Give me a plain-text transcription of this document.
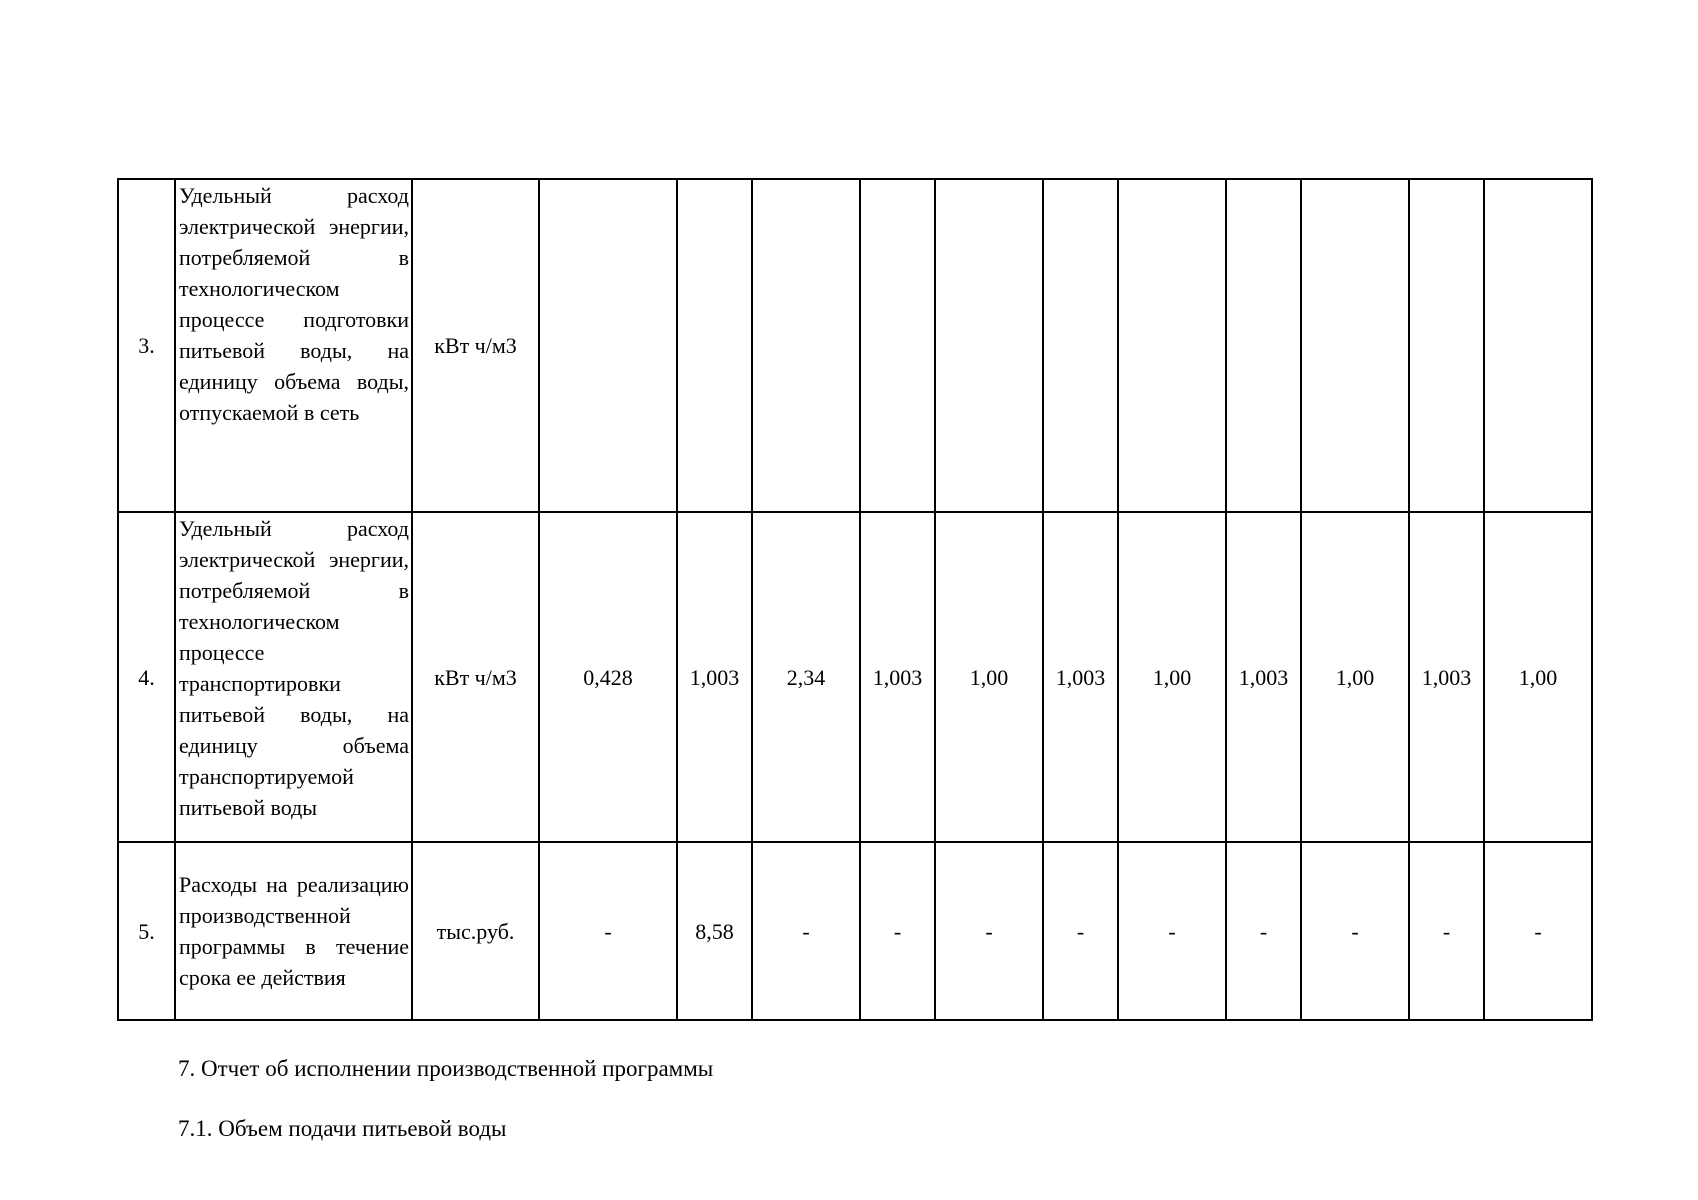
3.	Удельный расход электрической энергии, потребляемой в технологическом процессе подготовки питьевой воды, на единицу объема воды, отпускаемой в сеть	кВт ч/м3											
4.	Удельный расход электрической энергии, потребляемой в технологическом процессе транспортировки питьевой воды, на единицу объема транспортируемой питьевой воды	кВт ч/м3	0,428	1,003	2,34	1,003	1,00	1,003	1,00	1,003	1,00	1,003	1,00
5.	Расходы на реализацию производственной программы в течение срока ее действия	тыс.руб.	-	8,58	-	-	-	-	-	-	-	-	-
7. Отчет об исполнении производственной программы
7.1. Объем подачи питьевой воды
